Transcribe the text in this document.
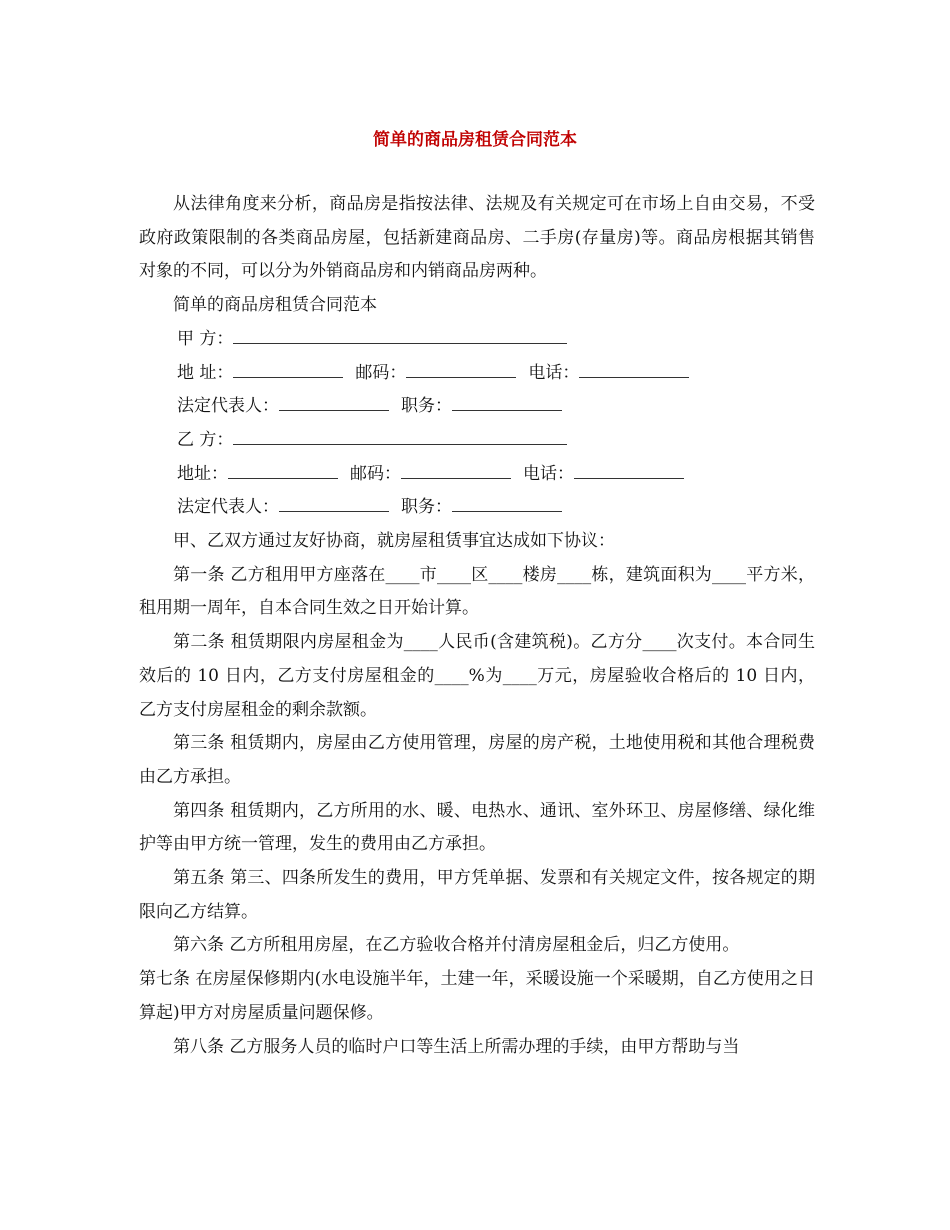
简单的商品房租赁合同范本

从法律角度来分析，商品房是指按法律、法规及有关规定可在市场上自由交易，不受政府政策限制的各类商品房屋，包括新建商品房、二手房(存量房)等。商品房根据其销售对象的不同，可以分为外销商品房和内销商品房两种。

简单的商品房租赁合同范本

甲 方：

地 址：	邮码：	电话：

法定代表人：	职务：

乙 方：

地址：	邮码：	电话：

法定代表人：	职务：

甲、乙双方通过友好协商，就房屋租赁事宜达成如下协议：

第一条 乙方租用甲方座落在____市____区____楼房____栋，建筑面积为____平方米，租用期一周年，自本合同生效之日开始计算。

第二条 租赁期限内房屋租金为____人民币(含建筑税)。乙方分____次支付。本合同生效后的 10 日内，乙方支付房屋租金的____%为____万元，房屋验收合格后的 10 日内，乙方支付房屋租金的剩余款额。

第三条 租赁期内，房屋由乙方使用管理，房屋的房产税，土地使用税和其他合理税费由乙方承担。

第四条 租赁期内，乙方所用的水、暖、电热水、通讯、室外环卫、房屋修缮、绿化维护等由甲方统一管理，发生的费用由乙方承担。

第五条 第三、四条所发生的费用，甲方凭单据、发票和有关规定文件，按各规定的期限向乙方结算。

第六条 乙方所租用房屋，在乙方验收合格并付清房屋租金后，归乙方使用。

第七条 在房屋保修期内(水电设施半年，土建一年，采暖设施一个采暖期，自乙方使用之日算起)甲方对房屋质量问题保修。

第八条 乙方服务人员的临时户口等生活上所需办理的手续，由甲方帮助与当
